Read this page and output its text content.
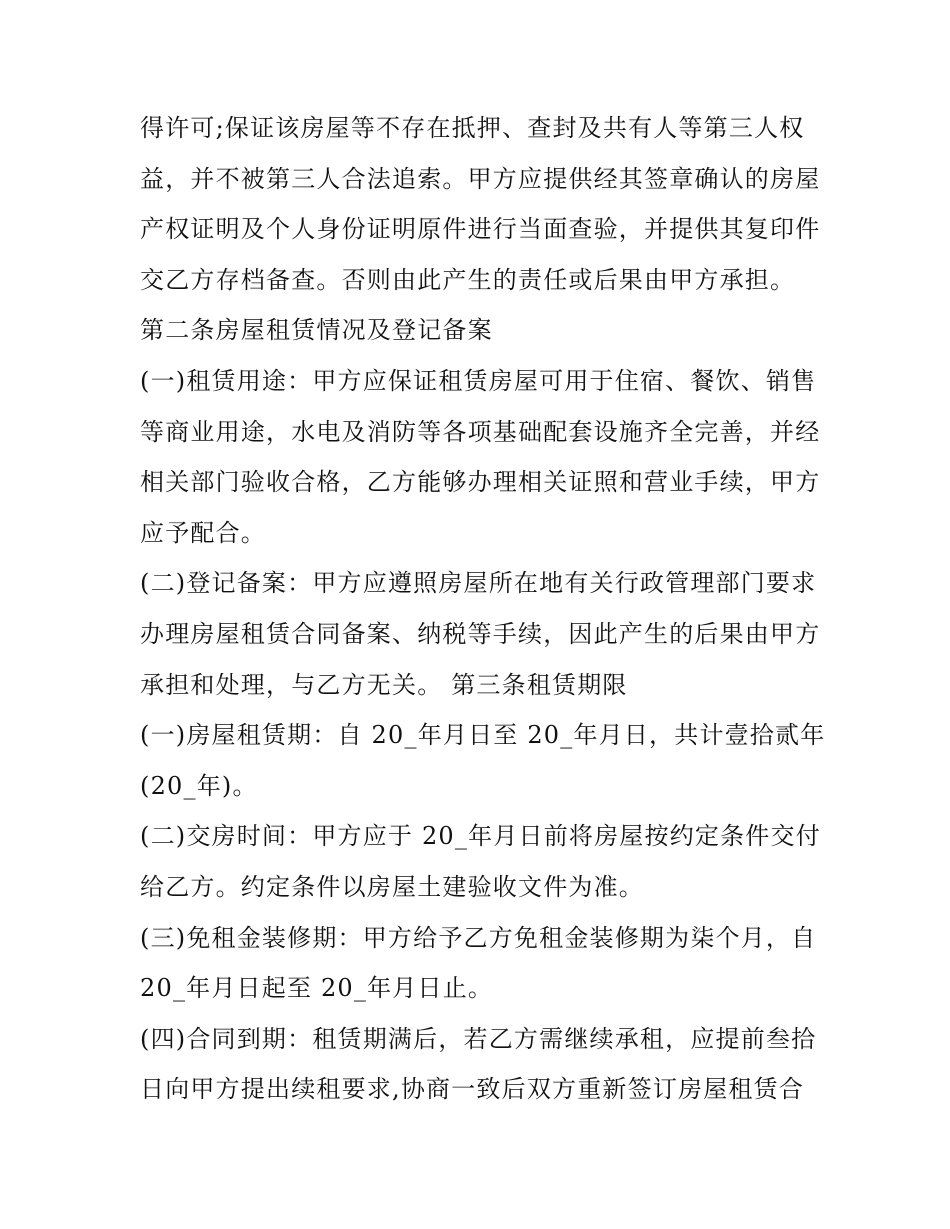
得许可;保证该房屋等不存在抵押、查封及共有人等第三人权
益，并不被第三人合法追索。甲方应提供经其签章确认的房屋
产权证明及个人身份证明原件进行当面查验，并提供其复印件
交乙方存档备查。否则由此产生的责任或后果由甲方承担。
第二条房屋租赁情况及登记备案
(一)租赁用途：甲方应保证租赁房屋可用于住宿、餐饮、销售
等商业用途，水电及消防等各项基础配套设施齐全完善，并经
相关部门验收合格，乙方能够办理相关证照和营业手续，甲方
应予配合。
(二)登记备案：甲方应遵照房屋所在地有关行政管理部门要求
办理房屋租赁合同备案、纳税等手续，因此产生的后果由甲方
承担和处理，与乙方无关。 第三条租赁期限
(一)房屋租赁期：自 20_年月日至 20_年月日，共计壹拾贰年
(20_年)。
(二)交房时间：甲方应于 20_年月日前将房屋按约定条件交付
给乙方。约定条件以房屋土建验收文件为准。
(三)免租金装修期：甲方给予乙方免租金装修期为柒个月，自
20_年月日起至 20_年月日止。
(四)合同到期：租赁期满后，若乙方需继续承租，应提前叁拾
日向甲方提出续租要求,协商一致后双方重新签订房屋租赁合
